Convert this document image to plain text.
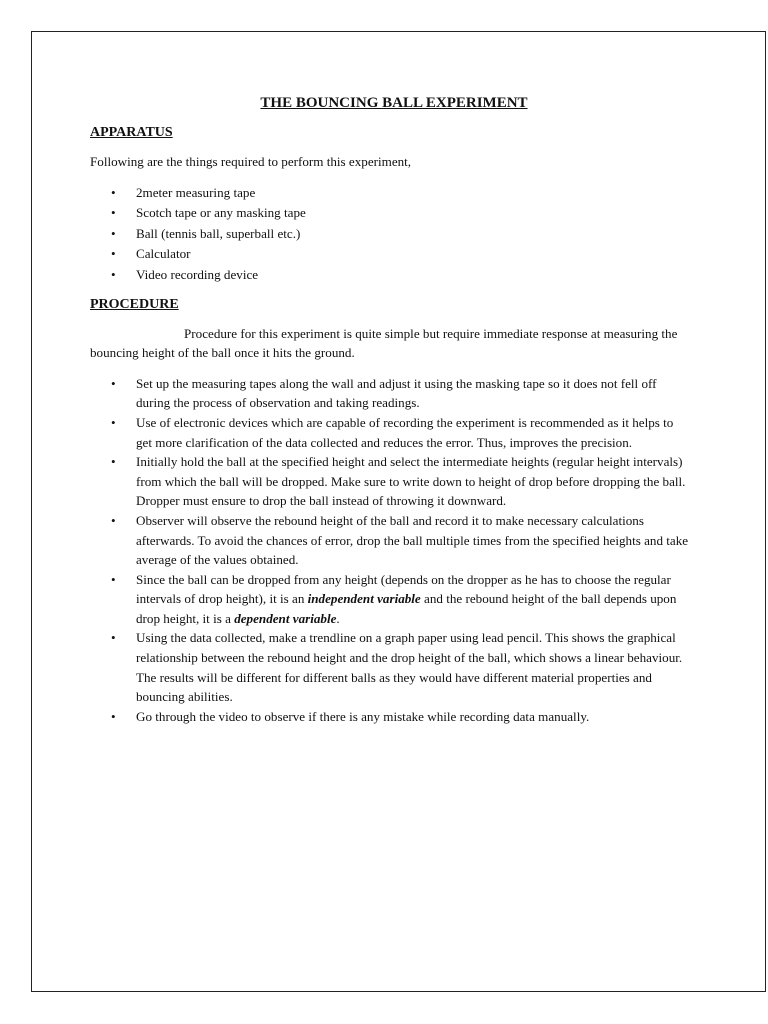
THE BOUNCING BALL EXPERIMENT
APPARATUS
Following are the things required to perform this experiment,
• 2meter measuring tape
• Scotch tape or any masking tape
• Ball (tennis ball, superball etc.)
• Calculator
• Video recording device
PROCEDURE
Procedure for this experiment is quite simple but require immediate response at measuring the bouncing height of the ball once it hits the ground.
• Set up the measuring tapes along the wall and adjust it using the masking tape so it does not fell off during the process of observation and taking readings.
• Use of electronic devices which are capable of recording the experiment is recommended as it helps to get more clarification of the data collected and reduces the error. Thus, improves the precision.
• Initially hold the ball at the specified height and select the intermediate heights (regular height intervals) from which the ball will be dropped. Make sure to write down to height of drop before dropping the ball. Dropper must ensure to drop the ball instead of throwing it downward.
• Observer will observe the rebound height of the ball and record it to make necessary calculations afterwards. To avoid the chances of error, drop the ball multiple times from the specified heights and take average of the values obtained.
• Since the ball can be dropped from any height (depends on the dropper as he has to choose the regular intervals of drop height), it is an independent variable and the rebound height of the ball depends upon drop height, it is a dependent variable.
• Using the data collected, make a trendline on a graph paper using lead pencil. This shows the graphical relationship between the rebound height and the drop height of the ball, which shows a linear behaviour. The results will be different for different balls as they would have different material properties and bouncing abilities.
• Go through the video to observe if there is any mistake while recording data manually.
